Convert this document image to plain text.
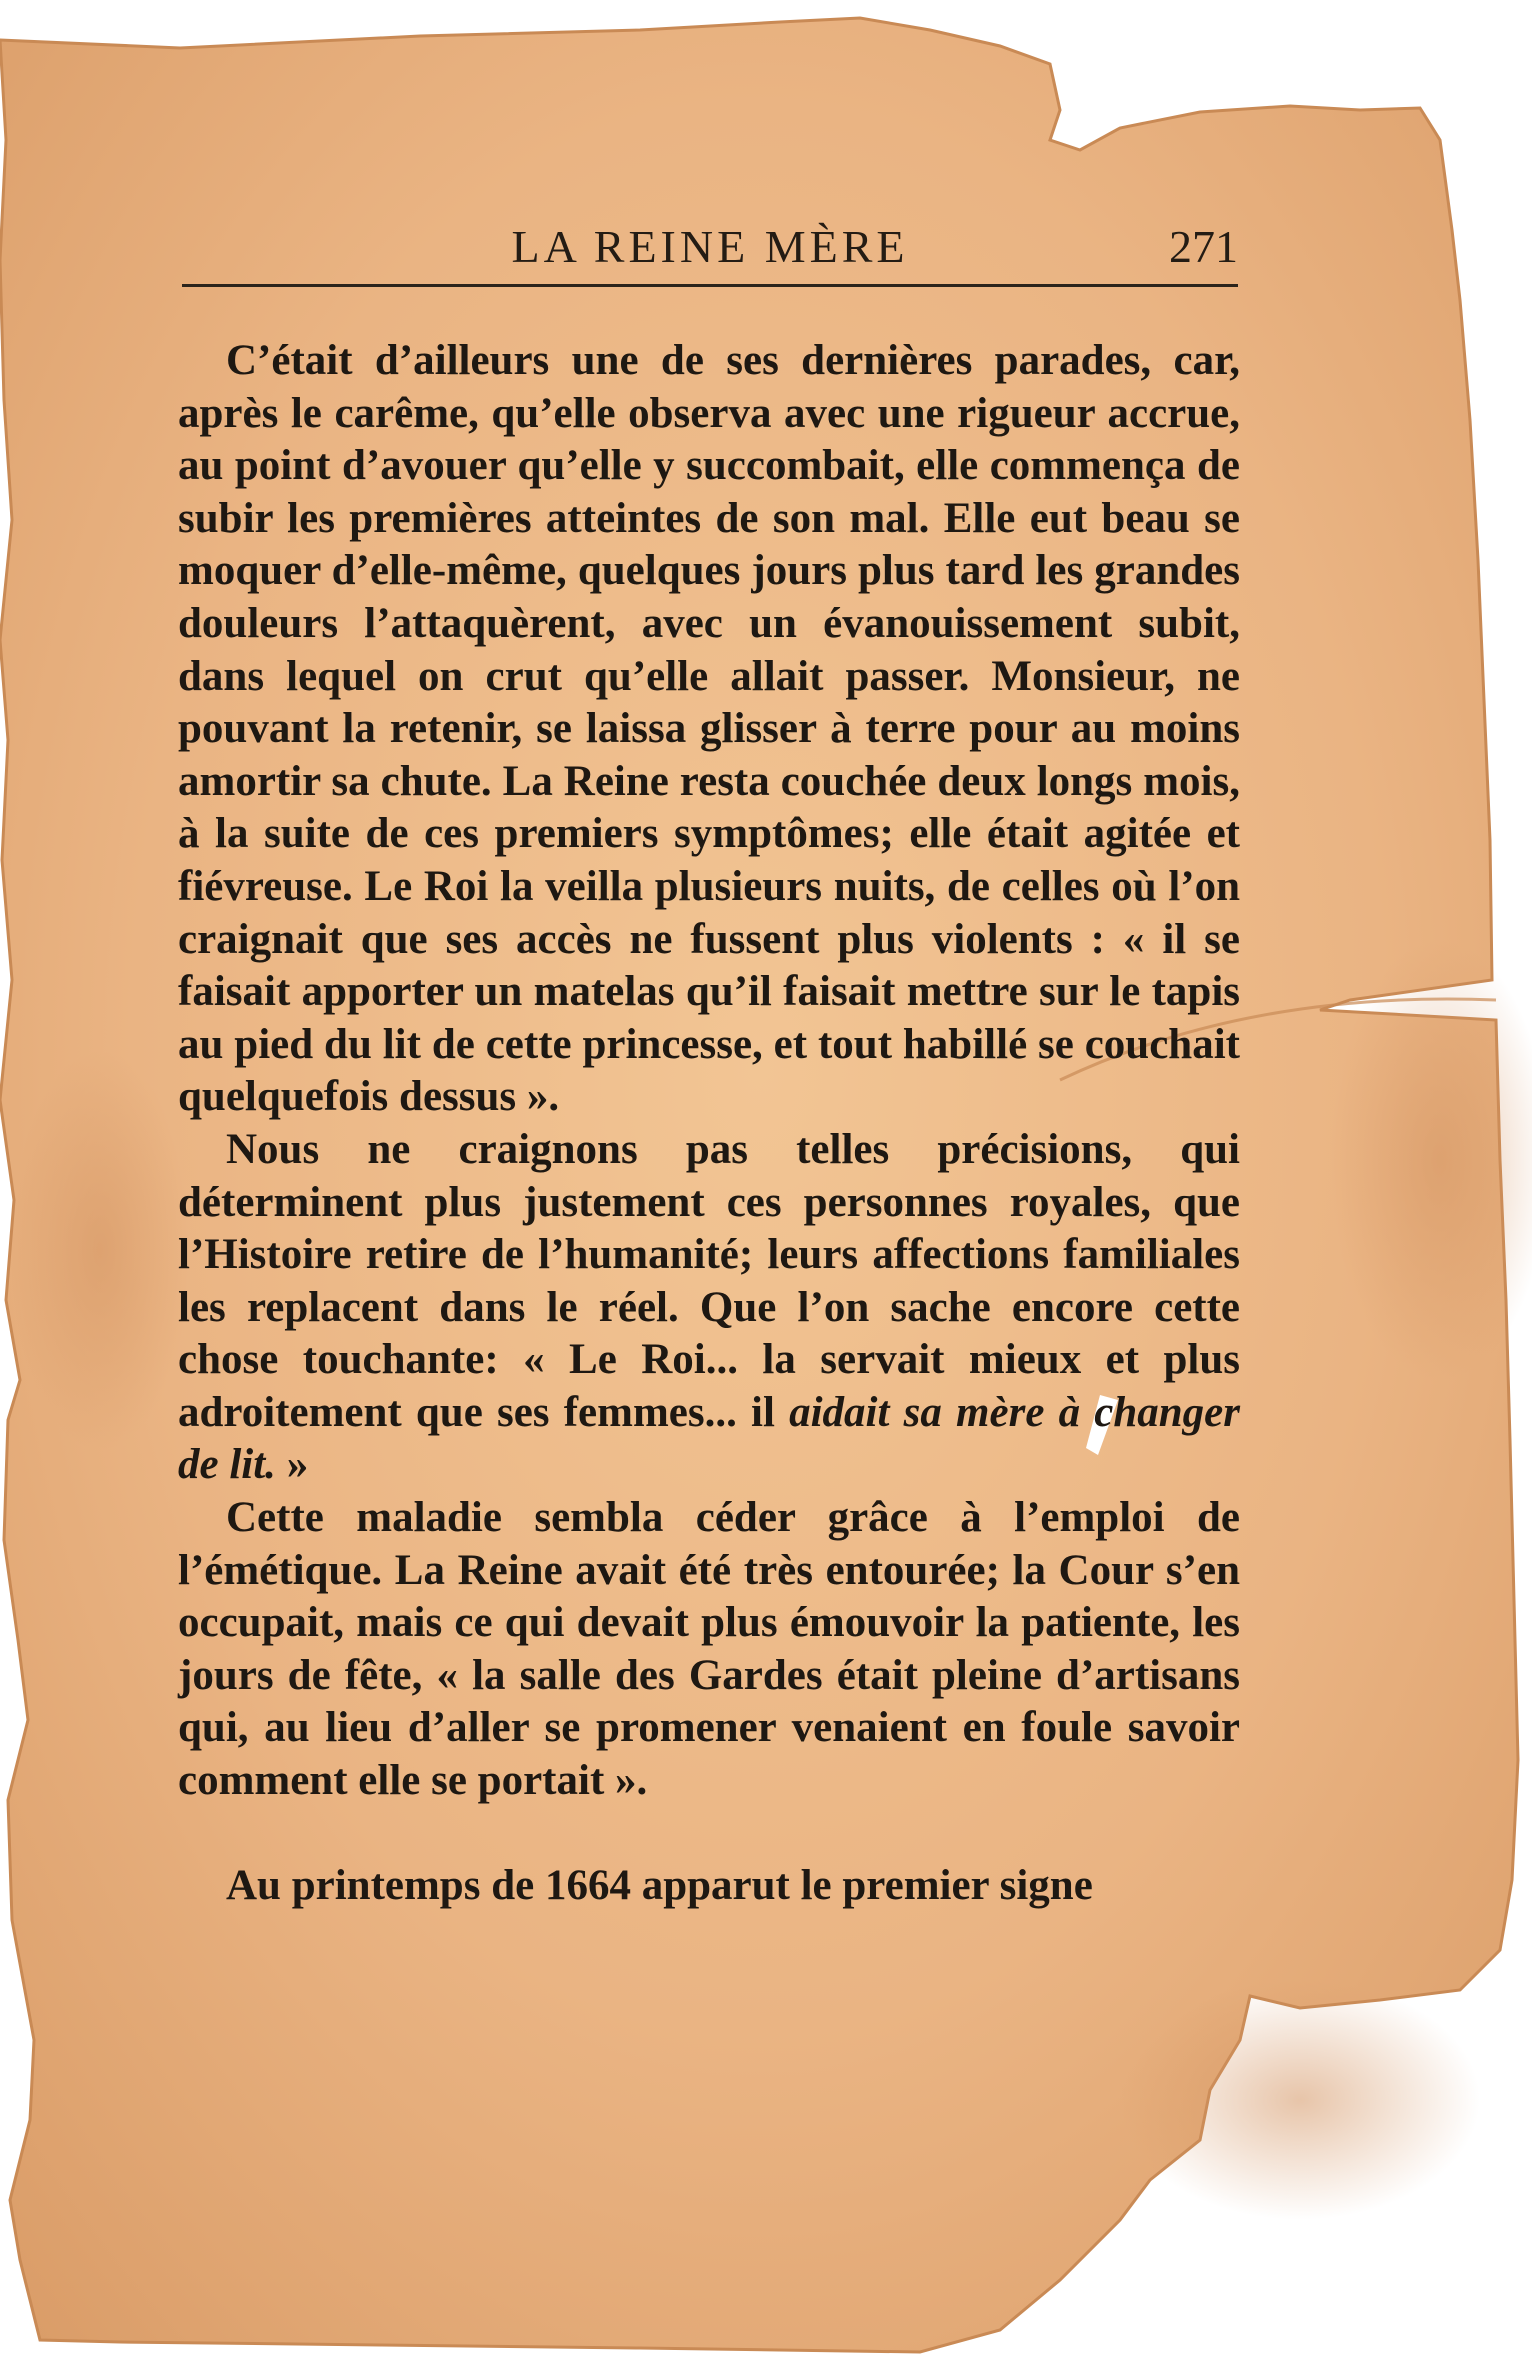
LA REINE MÈRE	271

C’était d’ailleurs une de ses dernières parades, car, après le carême, qu’elle observa avec une rigueur accrue, au point d’avouer qu’elle y succombait, elle commença de subir les premières atteintes de son mal. Elle eut beau se moquer d’elle-même, quelques jours plus tard les grandes douleurs l’attaquèrent, avec un évanouissement subit, dans lequel on crut qu’elle allait passer. Monsieur, ne pouvant la retenir, se laissa glisser à terre pour au moins amortir sa chute. La Reine resta couchée deux longs mois, à la suite de ces premiers symptômes; elle était agitée et fiévreuse. Le Roi la veilla plusieurs nuits, de celles où l’on craignait que ses accès ne fussent plus violents : « il se faisait apporter un matelas qu’il faisait mettre sur le tapis au pied du lit de cette princesse, et tout habillé se couchait quelquefois dessus ».

Nous ne craignons pas telles précisions, qui déterminent plus justement ces personnes royales, que l’Histoire retire de l’humanité; leurs affections familiales les replacent dans le réel. Que l’on sache encore cette chose touchante: « Le Roi... la servait mieux et plus adroitement que ses femmes... il aidait sa mère à changer de lit. »

Cette maladie sembla céder grâce à l’emploi de l’émétique. La Reine avait été très entourée; la Cour s’en occupait, mais ce qui devait plus émouvoir la patiente, les jours de fête, « la salle des Gardes était pleine d’artisans qui, au lieu d’aller se promener venaient en foule savoir comment elle se portait ».

Au printemps de 1664 apparut le premier signe
